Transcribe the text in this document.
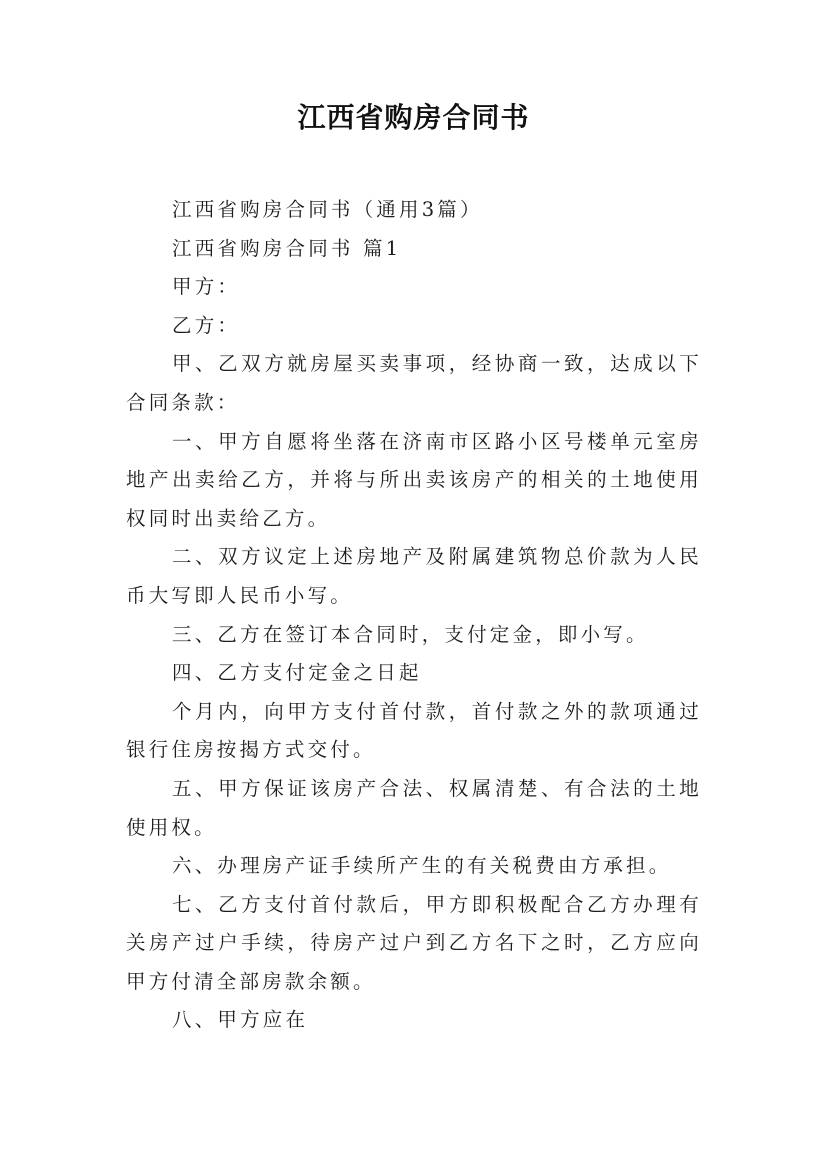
江西省购房合同书

江西省购房合同书（通用3篇）

江西省购房合同书 篇1

甲方：

乙方：

甲、乙双方就房屋买卖事项，经协商一致，达成以下合同条款：

一、甲方自愿将坐落在济南市区路小区号楼单元室房地产出卖给乙方，并将与所出卖该房产的相关的土地使用权同时出卖给乙方。

二、双方议定上述房地产及附属建筑物总价款为人民币大写即人民币小写。

三、乙方在签订本合同时，支付定金，即小写。

四、乙方支付定金之日起

个月内，向甲方支付首付款，首付款之外的款项通过银行住房按揭方式交付。

五、甲方保证该房产合法、权属清楚、有合法的土地使用权。

六、办理房产证手续所产生的有关税费由方承担。

七、乙方支付首付款后，甲方即积极配合乙方办理有关房产过户手续，待房产过户到乙方名下之时，乙方应向甲方付清全部房款余额。

八、甲方应在
